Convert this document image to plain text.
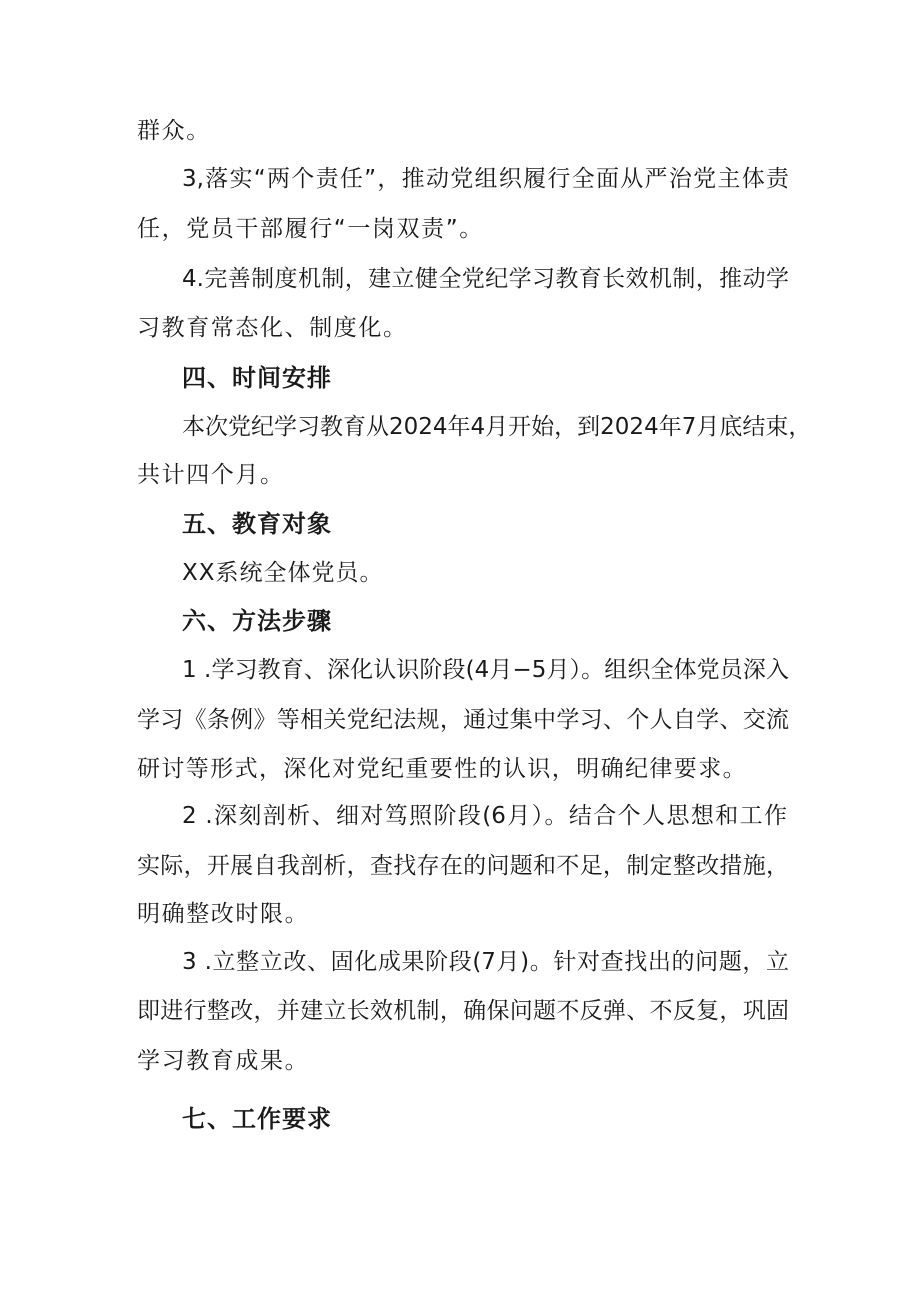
群众。
3,落实“两个责任”，推动党组织履行全面从严治党主体责
任，党员干部履行“一岗双责”。
4.完善制度机制，建立健全党纪学习教育长效机制，推动学
习教育常态化、制度化。
四、时间安排
本次党纪学习教育从2024年4月开始，到2024年7月底结束，
共计四个月。
五、教育对象
XX系统全体党员。
六、方法步骤
1 .学习教育、深化认识阶段(4月−5月）。组织全体党员深入
学习《条例》等相关党纪法规，通过集中学习、个人自学、交流
研讨等形式，深化对党纪重要性的认识，明确纪律要求。
2 .深刻剖析、细对笃照阶段(6月）。结合个人思想和工作
实际，开展自我剖析，查找存在的问题和不足，制定整改措施，
明确整改时限。
3 .立整立改、固化成果阶段(7月)。针对查找出的问题，立
即进行整改，并建立长效机制，确保问题不反弹、不反复，巩固
学习教育成果。
七、工作要求
